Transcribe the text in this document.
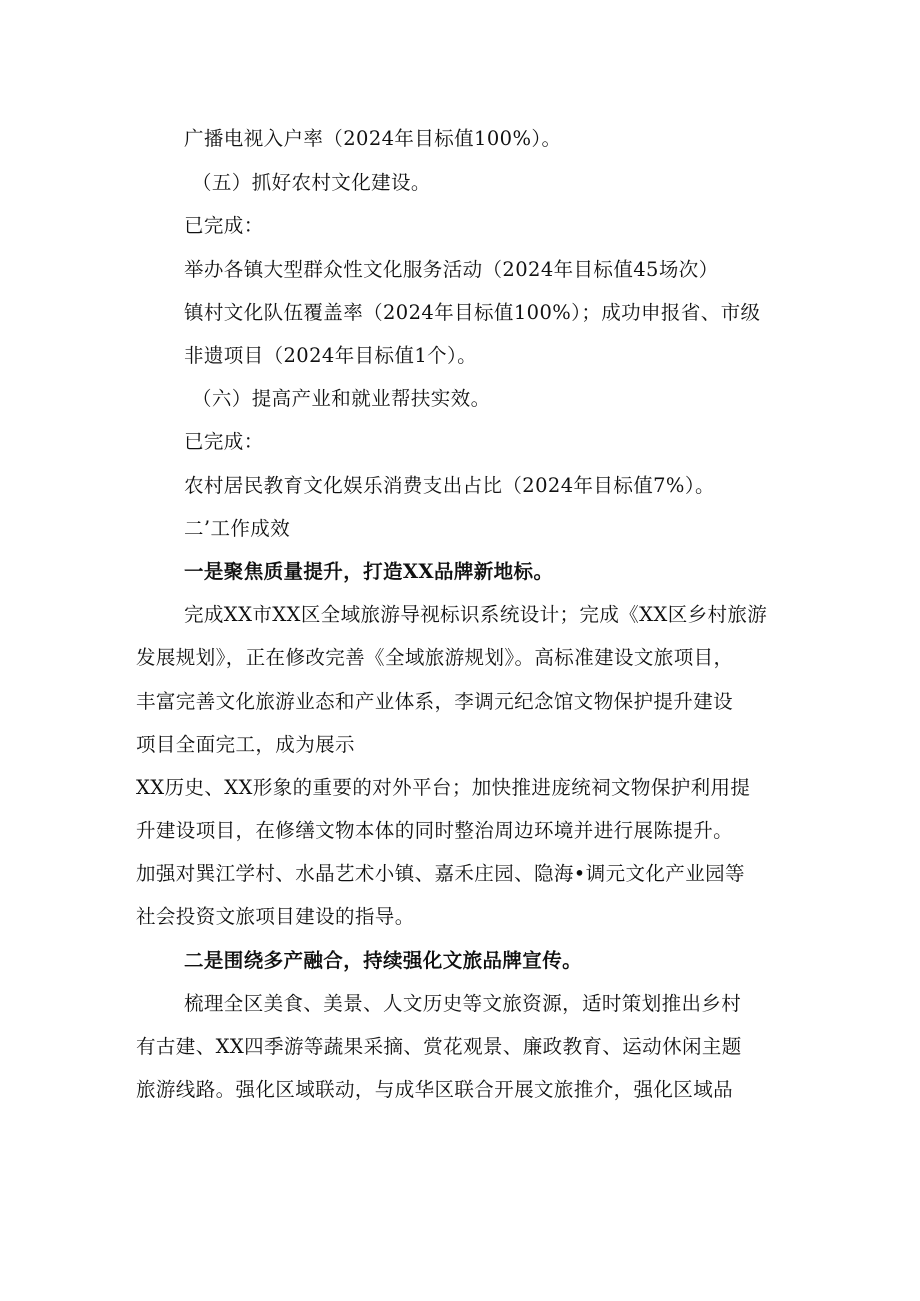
广播电视入户率（2024年目标值100%）。
（五）抓好农村文化建设。
已完成：
举办各镇大型群众性文化服务活动（2024年目标值45场次）
镇村文化队伍覆盖率（2024年目标值100%）；成功申报省、市级
非遗项目（2024年目标值1个）。
（六）提高产业和就业帮扶实效。
已完成：
农村居民教育文化娱乐消费支出占比（2024年目标值7%）。
二’工作成效
一是聚焦质量提升，打造XX品牌新地标。
完成XX市XX区全域旅游导视标识系统设计；完成《XX区乡村旅游
发展规划》，正在修改完善《全域旅游规划》。高标准建设文旅项目，
丰富完善文化旅游业态和产业体系，李调元纪念馆文物保护提升建设
项目全面完工，成为展示
XX历史、XX形象的重要的对外平台；加快推进庞统祠文物保护利用提
升建设项目，在修缮文物本体的同时整治周边环境并进行展陈提升。
加强对巽江学村、水晶艺术小镇、嘉禾庄园、隐海•调元文化产业园等
社会投资文旅项目建设的指导。
二是围绕多产融合，持续强化文旅品牌宣传。
梳理全区美食、美景、人文历史等文旅资源，适时策划推出乡村
有古建、XX四季游等蔬果采摘、赏花观景、廉政教育、运动休闲主题
旅游线路。强化区域联动，与成华区联合开展文旅推介，强化区域品
